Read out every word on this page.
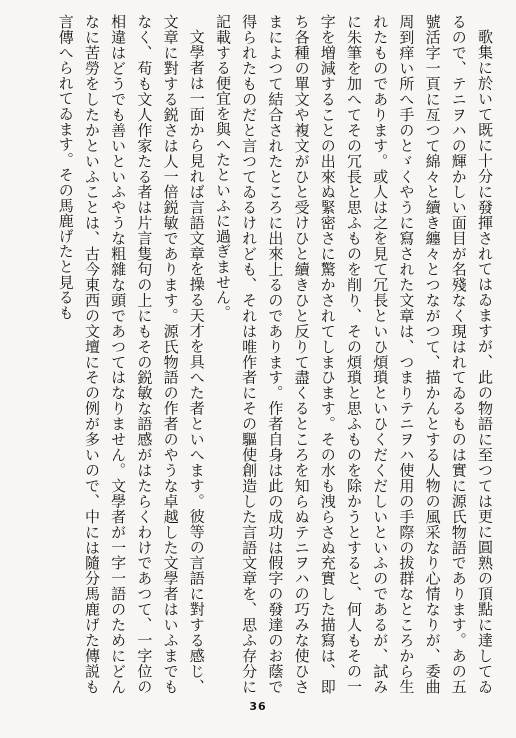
歌集に於いて既に十分に發揮されてはゐますが、此の物語に至つては更に圓熟の頂點に達してゐるので、テニヲハの輝かしい面目が名殘なく現はれてゐるものは實に源氏物語であります。あの五號活字一頁に亙つて綿々と續き纏々とつながつて、描かんとする人物の風采なり心情なりが、委曲周到痒い所へ手のとゞくやうに寫された文章は、つまりテニヲハ使用の手際の拔群なところから生れたものであります。或人は之を見て冗長といひ煩瑣といひくだくだしいといふのであるが、試みに朱筆を加へてその冗長と思ふものを削り、その煩瑣と思ふものを除かうとすると、何人もその一字を増減することの出來ぬ緊密さに驚かされてしまひます。その水も洩らさぬ充實した描寫は、即ち各種の單文や複文がひと受けひと續きひと反りて盡くるところを知らぬテニヲハの巧みな使ひさまによつて結合されたところに出來上るのであります。作者自身は此の成功は假字の發達のお蔭で得られたものだと言つてゐるけれども、それは唯作者にその驅使創造した言語文章を、思ふ存分に記載する便宜を與へたといふに過ぎません。

文學者は一面から見れば言語文章を操る天才を具へた者といへます。彼等の言語に對する感じ、文章に對する鋭さは人一倍鋭敏であります。源氏物語の作者のやうな卓越した文學者はいふまでもなく、苟も文人作家たる者は片言隻句の上にもその鋭敏な語感がはたらくわけであつて、一字位の相違はどうでも善いといふやうな粗雜な頭であつてはなりません。文學者が一字一語のためにどんなに苦勞をしたかといふことは、古今東西の文壇にその例が多いので、中には隨分馬鹿げた傳説も言傳へられてゐます。その馬鹿げたと見るも

36
